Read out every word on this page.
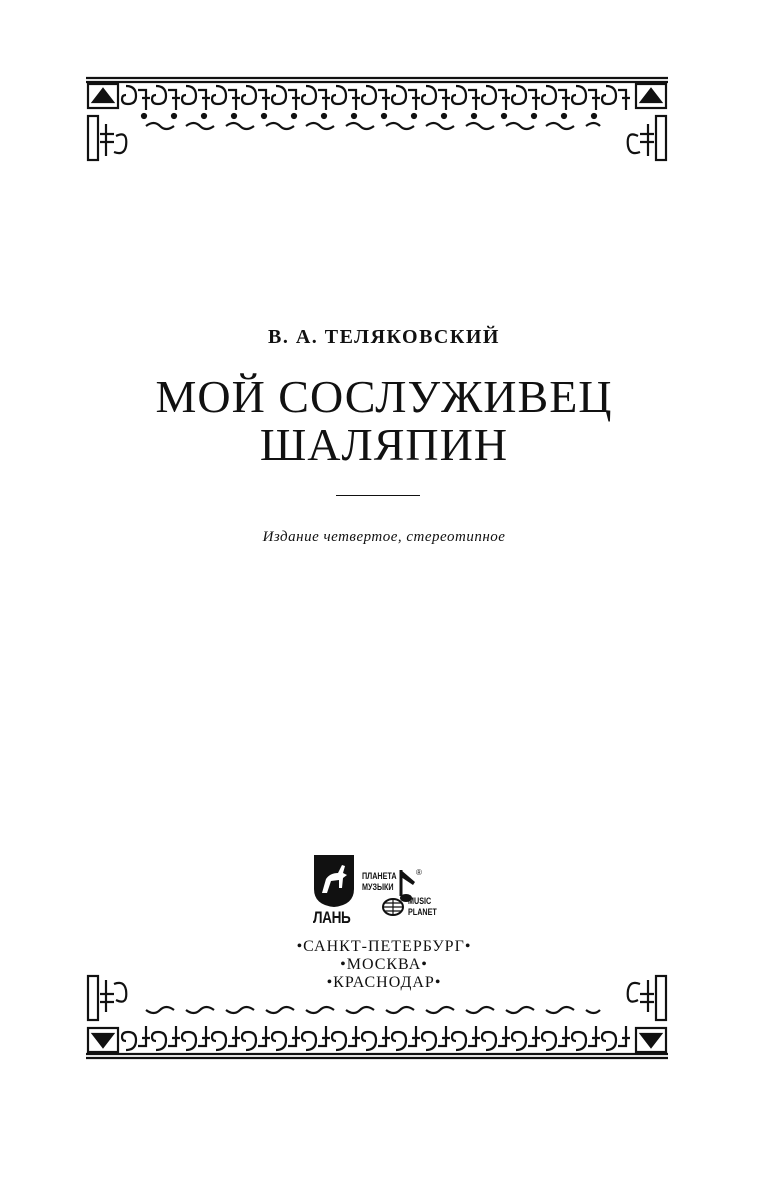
В. А. ТЕЛЯКОВСКИЙ
МОЙ СОСЛУЖИВЕЦ
ШАЛЯПИН
Издание четвертое, стереотипное
ЛАНЬ
ПЛАНЕТА
МУЗЫКИ
®
MUSIC
PLANET
•САНКТ-ПЕТЕРБУРГ•
•МОСКВА•
•КРАСНОДАР•
